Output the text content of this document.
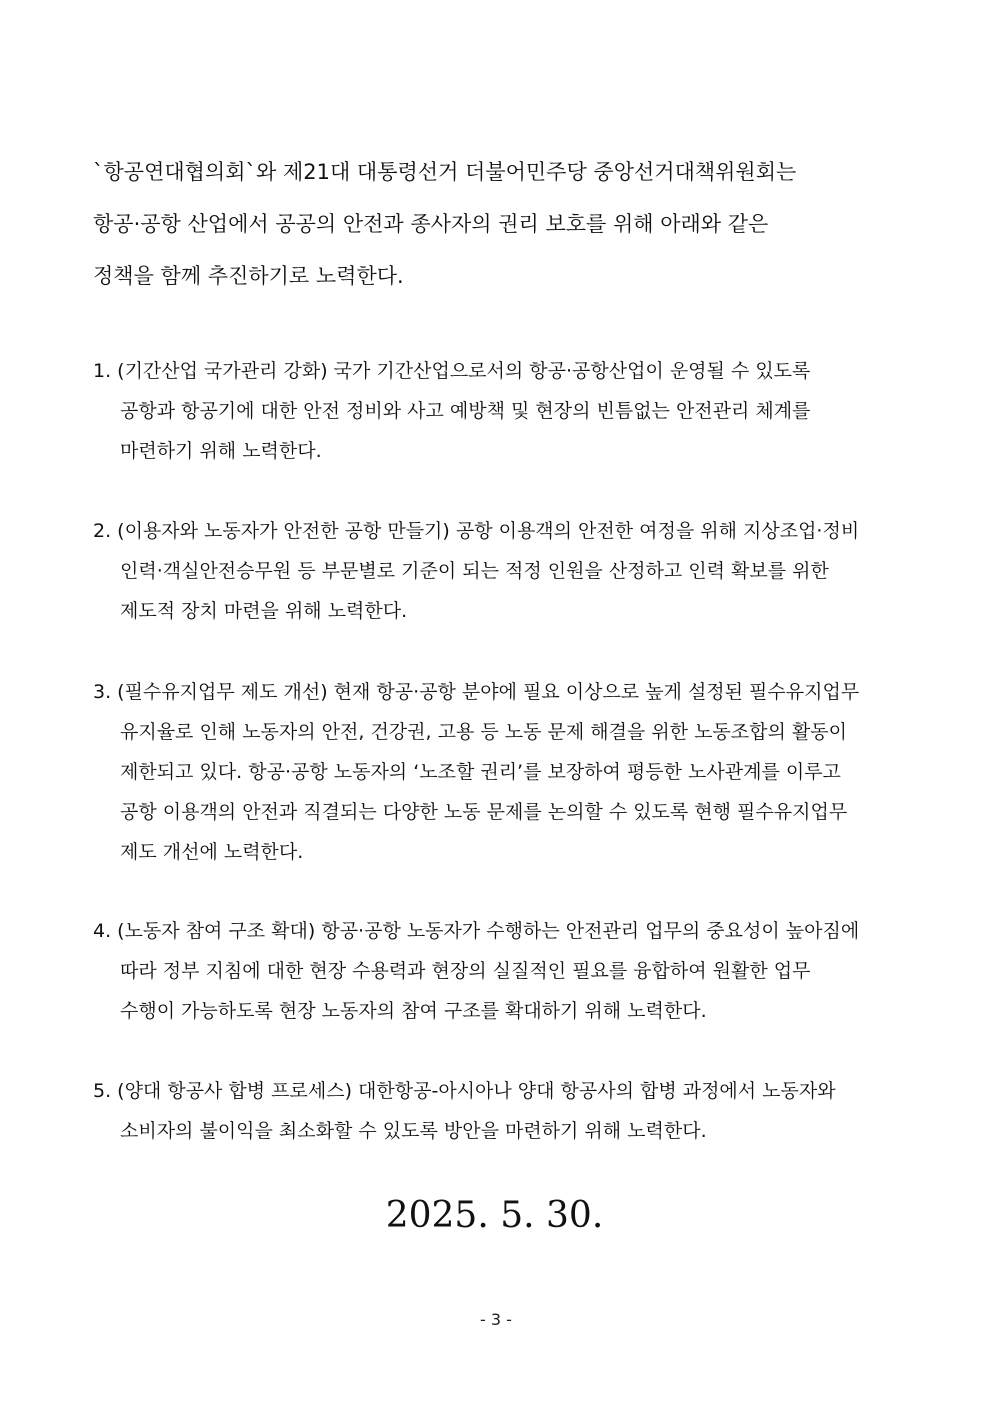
`항공연대협의회`와 제21대 대통령선거 더불어민주당 중앙선거대책위원회는
항공·공항 산업에서 공공의 안전과 종사자의 권리 보호를 위해 아래와 같은
정책을 함께 추진하기로 노력한다.
1. (기간산업 국가관리 강화) 국가 기간산업으로서의 항공·공항산업이 운영될 수 있도록
공항과 항공기에 대한 안전 정비와 사고 예방책 및 현장의 빈틈없는 안전관리 체계를
마련하기 위해 노력한다.
2. (이용자와 노동자가 안전한 공항 만들기) 공항 이용객의 안전한 여정을 위해 지상조업·정비
인력·객실안전승무원 등 부문별로 기준이 되는 적정 인원을 산정하고 인력 확보를 위한
제도적 장치 마련을 위해 노력한다.
3. (필수유지업무 제도 개선) 현재 항공·공항 분야에 필요 이상으로 높게 설정된 필수유지업무
유지율로 인해 노동자의 안전, 건강권, 고용 등 노동 문제 해결을 위한 노동조합의 활동이
제한되고 있다. 항공·공항 노동자의 ‘노조할 권리’를 보장하여 평등한 노사관계를 이루고
공항 이용객의 안전과 직결되는 다양한 노동 문제를 논의할 수 있도록 현행 필수유지업무
제도 개선에 노력한다.
4. (노동자 참여 구조 확대) 항공·공항 노동자가 수행하는 안전관리 업무의 중요성이 높아짐에
따라 정부 지침에 대한 현장 수용력과 현장의 실질적인 필요를 융합하여 원활한 업무
수행이 가능하도록 현장 노동자의 참여 구조를 확대하기 위해 노력한다.
5. (양대 항공사 합병 프로세스) 대한항공-아시아나 양대 항공사의 합병 과정에서 노동자와
소비자의 불이익을 최소화할 수 있도록 방안을 마련하기 위해 노력한다.
2025. 5. 30.
- 3 -
